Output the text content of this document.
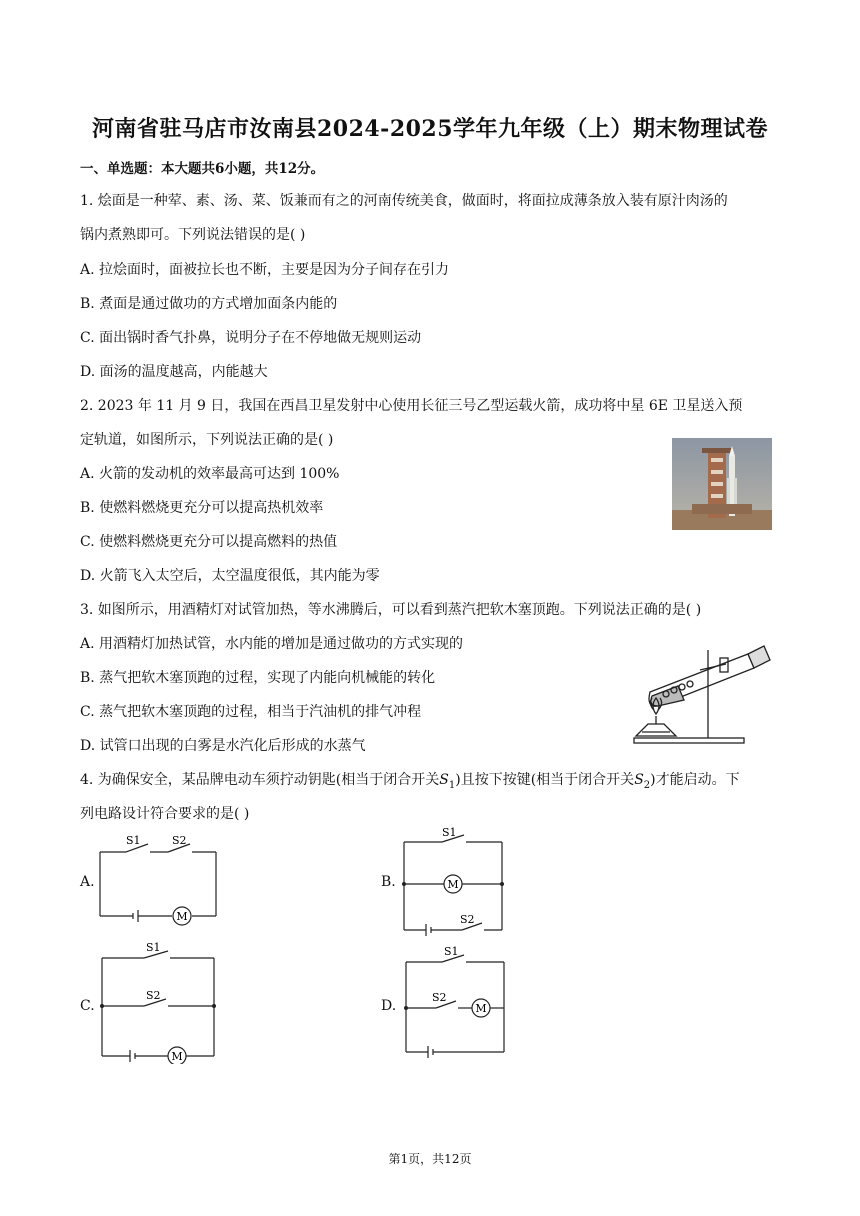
河南省驻马店市汝南县2024-2025学年九年级（上）期末物理试卷
一、单选题：本大题共6小题，共12分。
1. 烩面是一种荤、素、汤、菜、饭兼而有之的河南传统美食，做面时，将面拉成薄条放入装有原汁肉汤的
锅内煮熟即可。下列说法错误的是( )
A. 拉烩面时，面被拉长也不断，主要是因为分子间存在引力
B. 煮面是通过做功的方式增加面条内能的
C. 面出锅时香气扑鼻，说明分子在不停地做无规则运动
D. 面汤的温度越高，内能越大
2. 2023 年 11 月 9 日，我国在西昌卫星发射中心使用长征三号乙型运载火箭，成功将中星 6E 卫星送入预
定轨道，如图所示，下列说法正确的是( )
A. 火箭的发动机的效率最高可达到 100%
B. 使燃料燃烧更充分可以提高热机效率
C. 使燃料燃烧更充分可以提高燃料的热值
D. 火箭飞入太空后，太空温度很低，其内能为零
3. 如图所示，用酒精灯对试管加热，等水沸腾后，可以看到蒸汽把软木塞顶跑。下列说法正确的是( )
A. 用酒精灯加热试管，水内能的增加是通过做功的方式实现的
B. 蒸气把软木塞顶跑的过程，实现了内能向机械能的转化
C. 蒸气把软木塞顶跑的过程，相当于汽油机的排气冲程
D. 试管口出现的白雾是水汽化后形成的水蒸气
4. 为确保安全，某品牌电动车须拧动钥匙(相当于闭合开关$S_1$)且按下按键(相当于闭合开关$S_2$)才能启动。下
列电路设计符合要求的是( )
A.	B.
C.	D.
M
S1	S2
M
S1
S2
M
S1
S2
M
S1
S2
第1页，共12页
